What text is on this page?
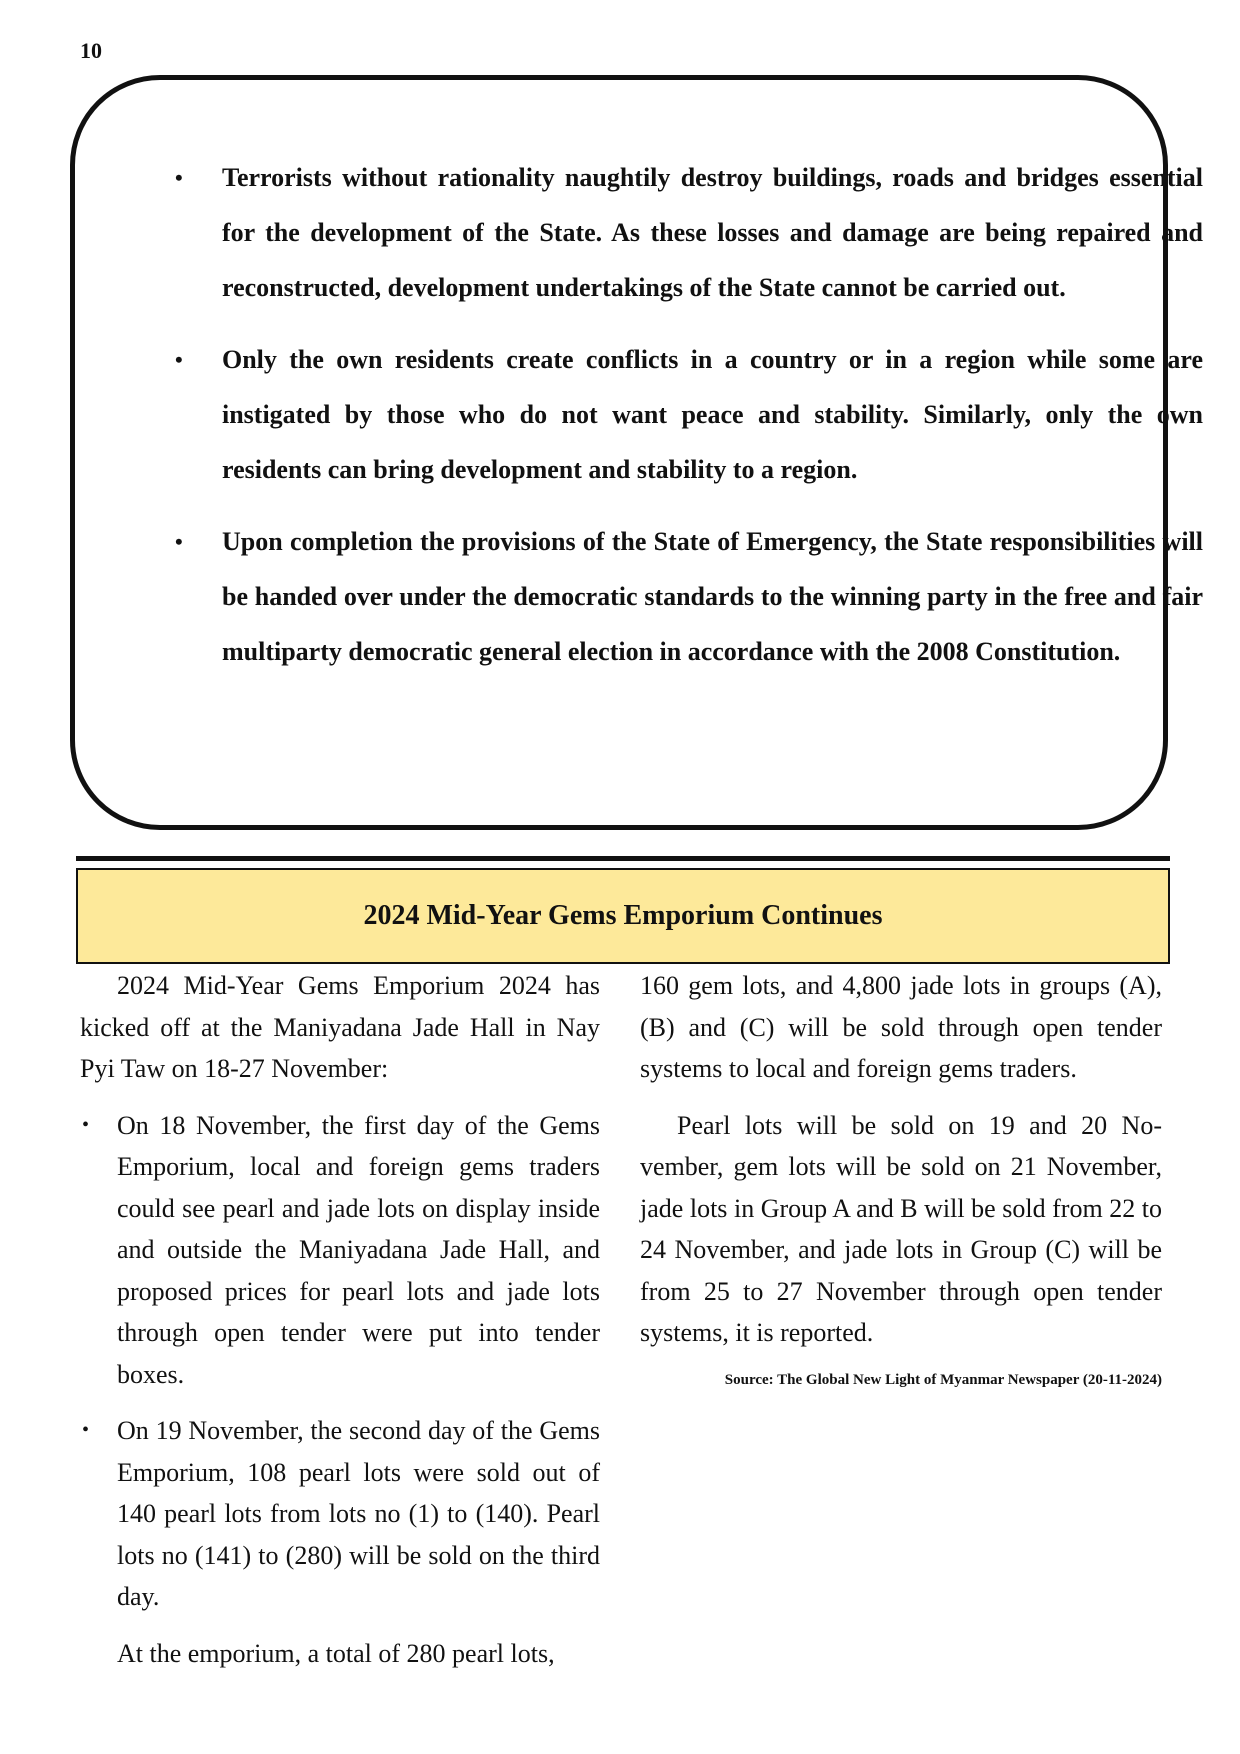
10
• Terrorists without rationality naughtily destroy buildings, roads and bridges essential for the development of the State. As these losses and damage are being repaired and reconstructed, development undertakings of the State cannot be carried out.
• Only the own residents create conflicts in a country or in a region while some are instigated by those who do not want peace and stability. Similarly, only the own residents can bring development and stability to a region.
• Upon completion the provisions of the State of Emergency, the State responsibilities will be handed over under the democratic standards to the winning party in the free and fair multiparty democratic general election in accordance with the 2008 Constitution.
2024 Mid-Year Gems Emporium Continues

2024 Mid-Year Gems Emporium 2024 has kicked off at the Maniyadana Jade Hall in Nay Pyi Taw on 18-27 November:

• On 18 November, the first day of the Gems Emporium, local and foreign gems traders could see pearl and jade lots on display inside and outside the Maniyadana Jade Hall, and proposed prices for pearl lots and jade lots through open tender were put into tender boxes.
• On 19 November, the second day of the Gems Emporium, 108 pearl lots were sold out of 140 pearl lots from lots no (1) to (140). Pearl lots no (141) to (280) will be sold on the third day.

At the emporium, a total of 280 pearl lots,

160 gem lots, and 4,800 jade lots in groups (A), (B) and (C) will be sold through open tender systems to local and foreign gems traders.

Pearl lots will be sold on 19 and 20 November, gem lots will be sold on 21 November, jade lots in Group A and B will be sold from 22 to 24 November, and jade lots in Group (C) will be from 25 to 27 November through open tender systems, it is reported.

Source: The Global New Light of Myanmar Newspaper (20-11-2024)
